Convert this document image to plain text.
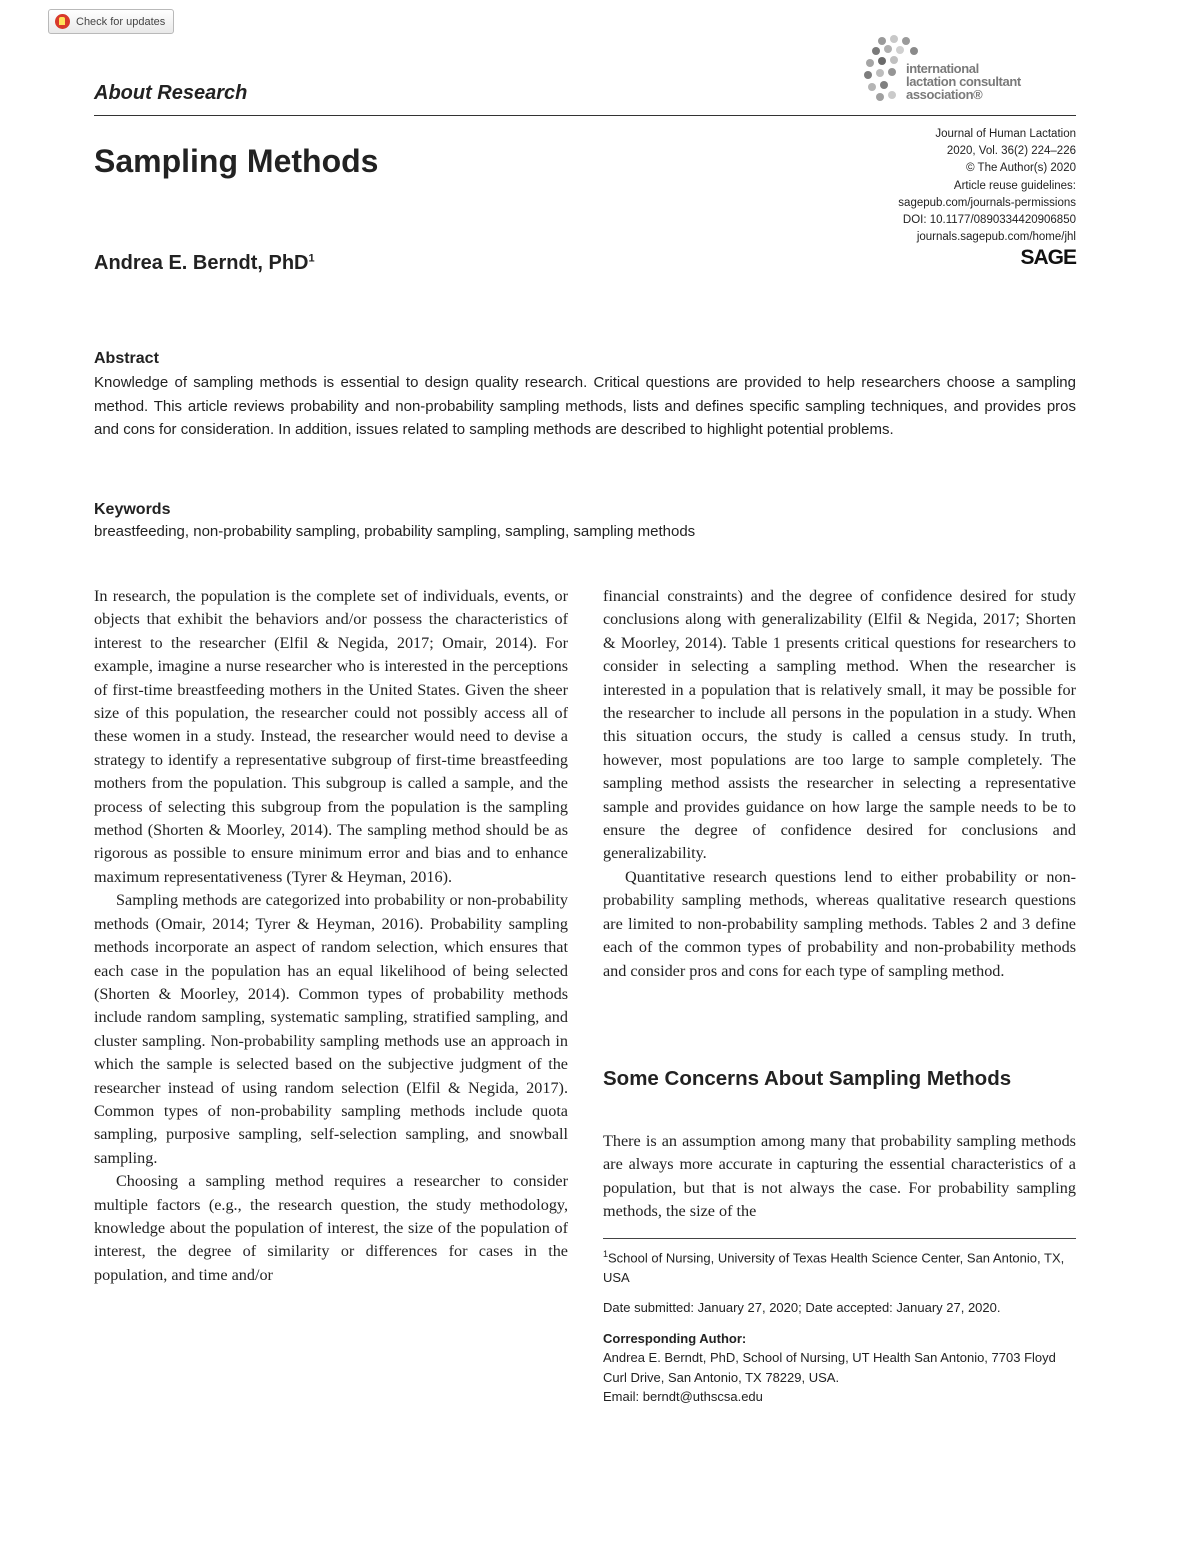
Check for updates
About Research
international
lactation consultant
association®
Sampling Methods
Andrea E. Berndt, PhD$^1$
Journal of Human Lactation
2020, Vol. 36(2) 224–226
© The Author(s) 2020
Article reuse guidelines:
sagepub.com/journals-permissions
DOI: 10.1177/0890334420906850
journals.sagepub.com/home/jhl
SAGE
Abstract
Knowledge of sampling methods is essential to design quality research. Critical questions are provided to help researchers choose a sampling method. This article reviews probability and non-probability sampling methods, lists and defines specific sampling techniques, and provides pros and cons for consideration. In addition, issues related to sampling methods are described to highlight potential problems.
Keywords
breastfeeding, non-probability sampling, probability sampling, sampling, sampling methods

In research, the population is the complete set of individuals, events, or objects that exhibit the behaviors and/or possess the characteristics of interest to the researcher (Elfil & Negida, 2017; Omair, 2014). For example, imagine a nurse researcher who is interested in the perceptions of first-time breastfeeding mothers in the United States. Given the sheer size of this population, the researcher could not possibly access all of these women in a study. Instead, the researcher would need to devise a strategy to identify a representative subgroup of first-time breastfeeding mothers from the population. This subgroup is called a sample, and the process of selecting this subgroup from the population is the sampling method (Shorten & Moorley, 2014). The sampling method should be as rigorous as possible to ensure minimum error and bias and to enhance maximum representativeness (Tyrer & Heyman, 2016).

Sampling methods are categorized into probability or non-probability methods (Omair, 2014; Tyrer & Heyman, 2016). Probability sampling methods incorporate an aspect of random selection, which ensures that each case in the population has an equal likelihood of being selected (Shorten & Moorley, 2014). Common types of probability methods include random sampling, systematic sampling, stratified sampling, and cluster sampling. Non-probability sampling methods use an approach in which the sample is selected based on the subjective judgment of the researcher instead of using random selection (Elfil & Negida, 2017). Common types of non-probability sampling methods include quota sampling, purposive sampling, self-selection sampling, and snowball sampling.

Choosing a sampling method requires a researcher to consider multiple factors (e.g., the research question, the study methodology, knowledge about the population of interest, the size of the population of interest, the degree of similarity or differences for cases in the population, and time and/or

financial constraints) and the degree of confidence desired for study conclusions along with generalizability (Elfil & Negida, 2017; Shorten & Moorley, 2014). Table 1 presents critical questions for researchers to consider in selecting a sampling method. When the researcher is interested in a population that is relatively small, it may be possible for the researcher to include all persons in the population in a study. When this situation occurs, the study is called a census study. In truth, however, most populations are too large to sample completely. The sampling method assists the researcher in selecting a representative sample and provides guidance on how large the sample needs to be to ensure the degree of confidence desired for conclusions and generalizability.

Quantitative research questions lend to either probability or non-probability sampling methods, whereas qualitative research questions are limited to non-probability sampling methods. Tables 2 and 3 define each of the common types of probability and non-probability methods and consider pros and cons for each type of sampling method.

Some Concerns About Sampling Methods

There is an assumption among many that probability sampling methods are always more accurate in capturing the essential characteristics of a population, but that is not always the case. For probability sampling methods, the size of the

$^1$School of Nursing, University of Texas Health Science Center, San Antonio, TX, USA

Date submitted: January 27, 2020; Date accepted: January 27, 2020.

Corresponding Author:
Andrea E. Berndt, PhD, School of Nursing, UT Health San Antonio, 7703 Floyd Curl Drive, San Antonio, TX 78229, USA.
Email: berndt@uthscsa.edu
